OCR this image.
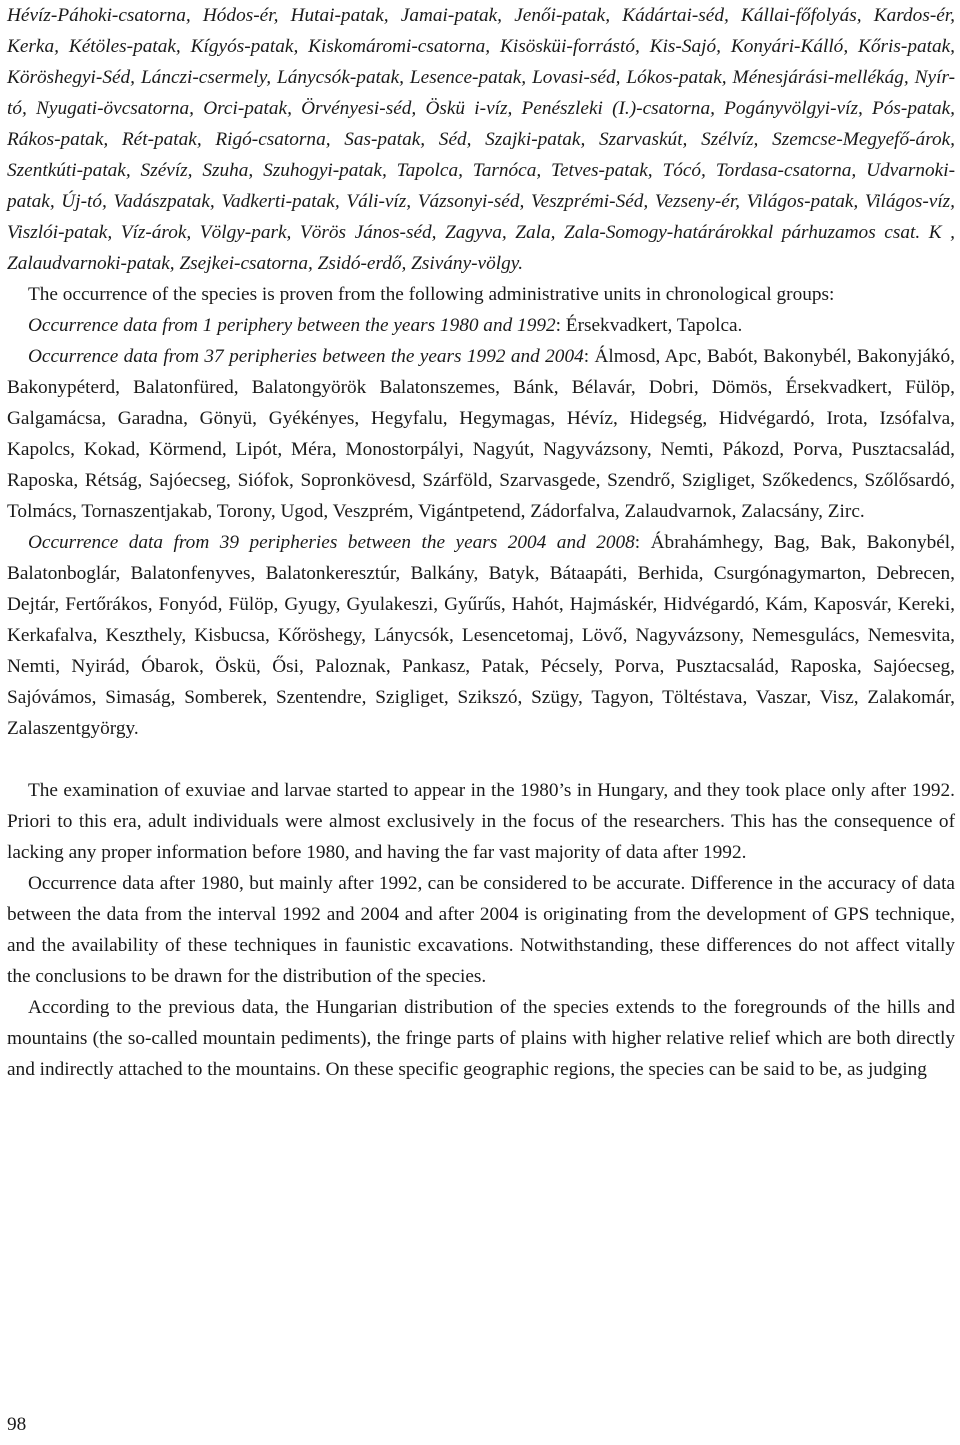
Hévíz-Páhoki-csatorna, Hódos-ér, Hutai-patak, Jamai-patak, Jenői-patak, Kádártai-séd, Kállai-főfolyás, Kardos-ér, Kerka, Kétöles-patak, Kígyós-patak, Kiskomáromi-csatorna, Kisösküi-forrástó, Kis-Sajó, Konyári-Kálló, Kőris-patak, Köröshegyi-Séd, Lánczi-csermely, Lánycsók-patak, Lesence-patak, Lovasi-séd, Lókos-patak, Ménesjárási-mellékág, Nyír-tó, Nyugati-övcsatorna, Orci-patak, Örvényesi-séd, Öskü i-víz, Penészleki (I.)-csatorna, Pogányvölgyi-víz, Pós-patak, Rákos-patak, Rét-patak, Rigó-csatorna, Sas-patak, Séd, Szajki-patak, Szarvaskút, Szélvíz, Szemcse-Megyefő-árok, Szentkúti-patak, Szévíz, Szuha, Szuhogyi-patak, Tapolca, Tarnóca, Tetves-patak, Tócó, Tordasa-csatorna, Udvarnoki-patak, Új-tó, Vadászpatak, Vadkerti-patak, Váli-víz, Vázsonyi-séd, Veszprémi-Séd, Vezseny-ér, Világos-patak, Világos-víz, Viszlói-patak, Víz-árok, Völgy-park, Vörös János-séd, Zagyva, Zala, Zala-Somogy-határárokkal párhuzamos csat. K , Zalaudvarnoki-patak, Zsejkei-csatorna, Zsidó-erdő, Zsivány-völgy.

The occurrence of the species is proven from the following administrative units in chronological groups:

Occurrence data from 1 periphery between the years 1980 and 1992: Érsekvadkert, Tapolca.

Occurrence data from 37 peripheries between the years 1992 and 2004: Álmosd, Apc, Babót, Bakonybél, Bakonyjákó, Bakonypéterd, Balatonfüred, Balatongyörök Balatonszemes, Bánk, Bélavár, Dobri, Dömös, Érsekvadkert, Fülöp, Galgamácsa, Garadna, Gönyü, Gyékényes, Hegyfalu, Hegymagas, Hévíz, Hidegség, Hidvégardó, Irota, Izsófalva, Kapolcs, Kokad, Körmend, Lipót, Méra, Monostorpályi, Nagyút, Nagyvázsony, Nemti, Pákozd, Porva, Pusztacsalád, Raposka, Rétság, Sajóecseg, Siófok, Sopronkövesd, Szárföld, Szarvasgede, Szendrő, Szigliget, Szőkedencs, Szőlősardó, Tolmács, Tornaszentjakab, Torony, Ugod, Veszprém, Vigántpetend, Zádorfalva, Zalaudvarnok, Zalacsány, Zirc.

Occurrence data from 39 peripheries between the years 2004 and 2008: Ábrahámhegy, Bag, Bak, Bakonybél, Balatonboglár, Balatonfenyves, Balatonkeresztúr, Balkány, Batyk, Bátaapáti, Berhida, Csurgónagymarton, Debrecen, Dejtár, Fertőrákos, Fonyód, Fülöp, Gyugy, Gyulakeszi, Gyűrűs, Hahót, Hajmáskér, Hidvégardó, Kám, Kaposvár, Kereki, Kerkafalva, Keszthely, Kisbucsa, Kőröshegy, Lánycsók, Lesencetomaj, Lövő, Nagyvázsony, Nemesgulács, Nemesvita, Nemti, Nyirád, Óbarok, Öskü, Ősi, Paloznak, Pankasz, Patak, Pécsely, Porva, Pusztacsalád, Raposka, Sajóecseg, Sajóvámos, Simaság, Somberek, Szentendre, Szigliget, Szikszó, Szügy, Tagyon, Töltéstava, Vaszar, Visz, Zalakomár, Zalaszentgyörgy.

The examination of exuviae and larvae started to appear in the 1980’s in Hungary, and they took place only after 1992. Priori to this era, adult individuals were almost exclusively in the focus of the researchers. This has the consequence of lacking any proper information before 1980, and having the far vast majority of data after 1992.

Occurrence data after 1980, but mainly after 1992, can be considered to be accurate. Difference in the accuracy of data between the data from the interval 1992 and 2004 and after 2004 is originating from the development of GPS technique, and the availability of these techniques in faunistic excavations. Notwithstanding, these differences do not affect vitally the conclusions to be drawn for the distribution of the species.

According to the previous data, the Hungarian distribution of the species extends to the foregrounds of the hills and mountains (the so-called mountain pediments), the fringe parts of plains with higher relative relief which are both directly and indirectly attached to the mountains. On these specific geographic regions, the species can be said to be, as judging

98
